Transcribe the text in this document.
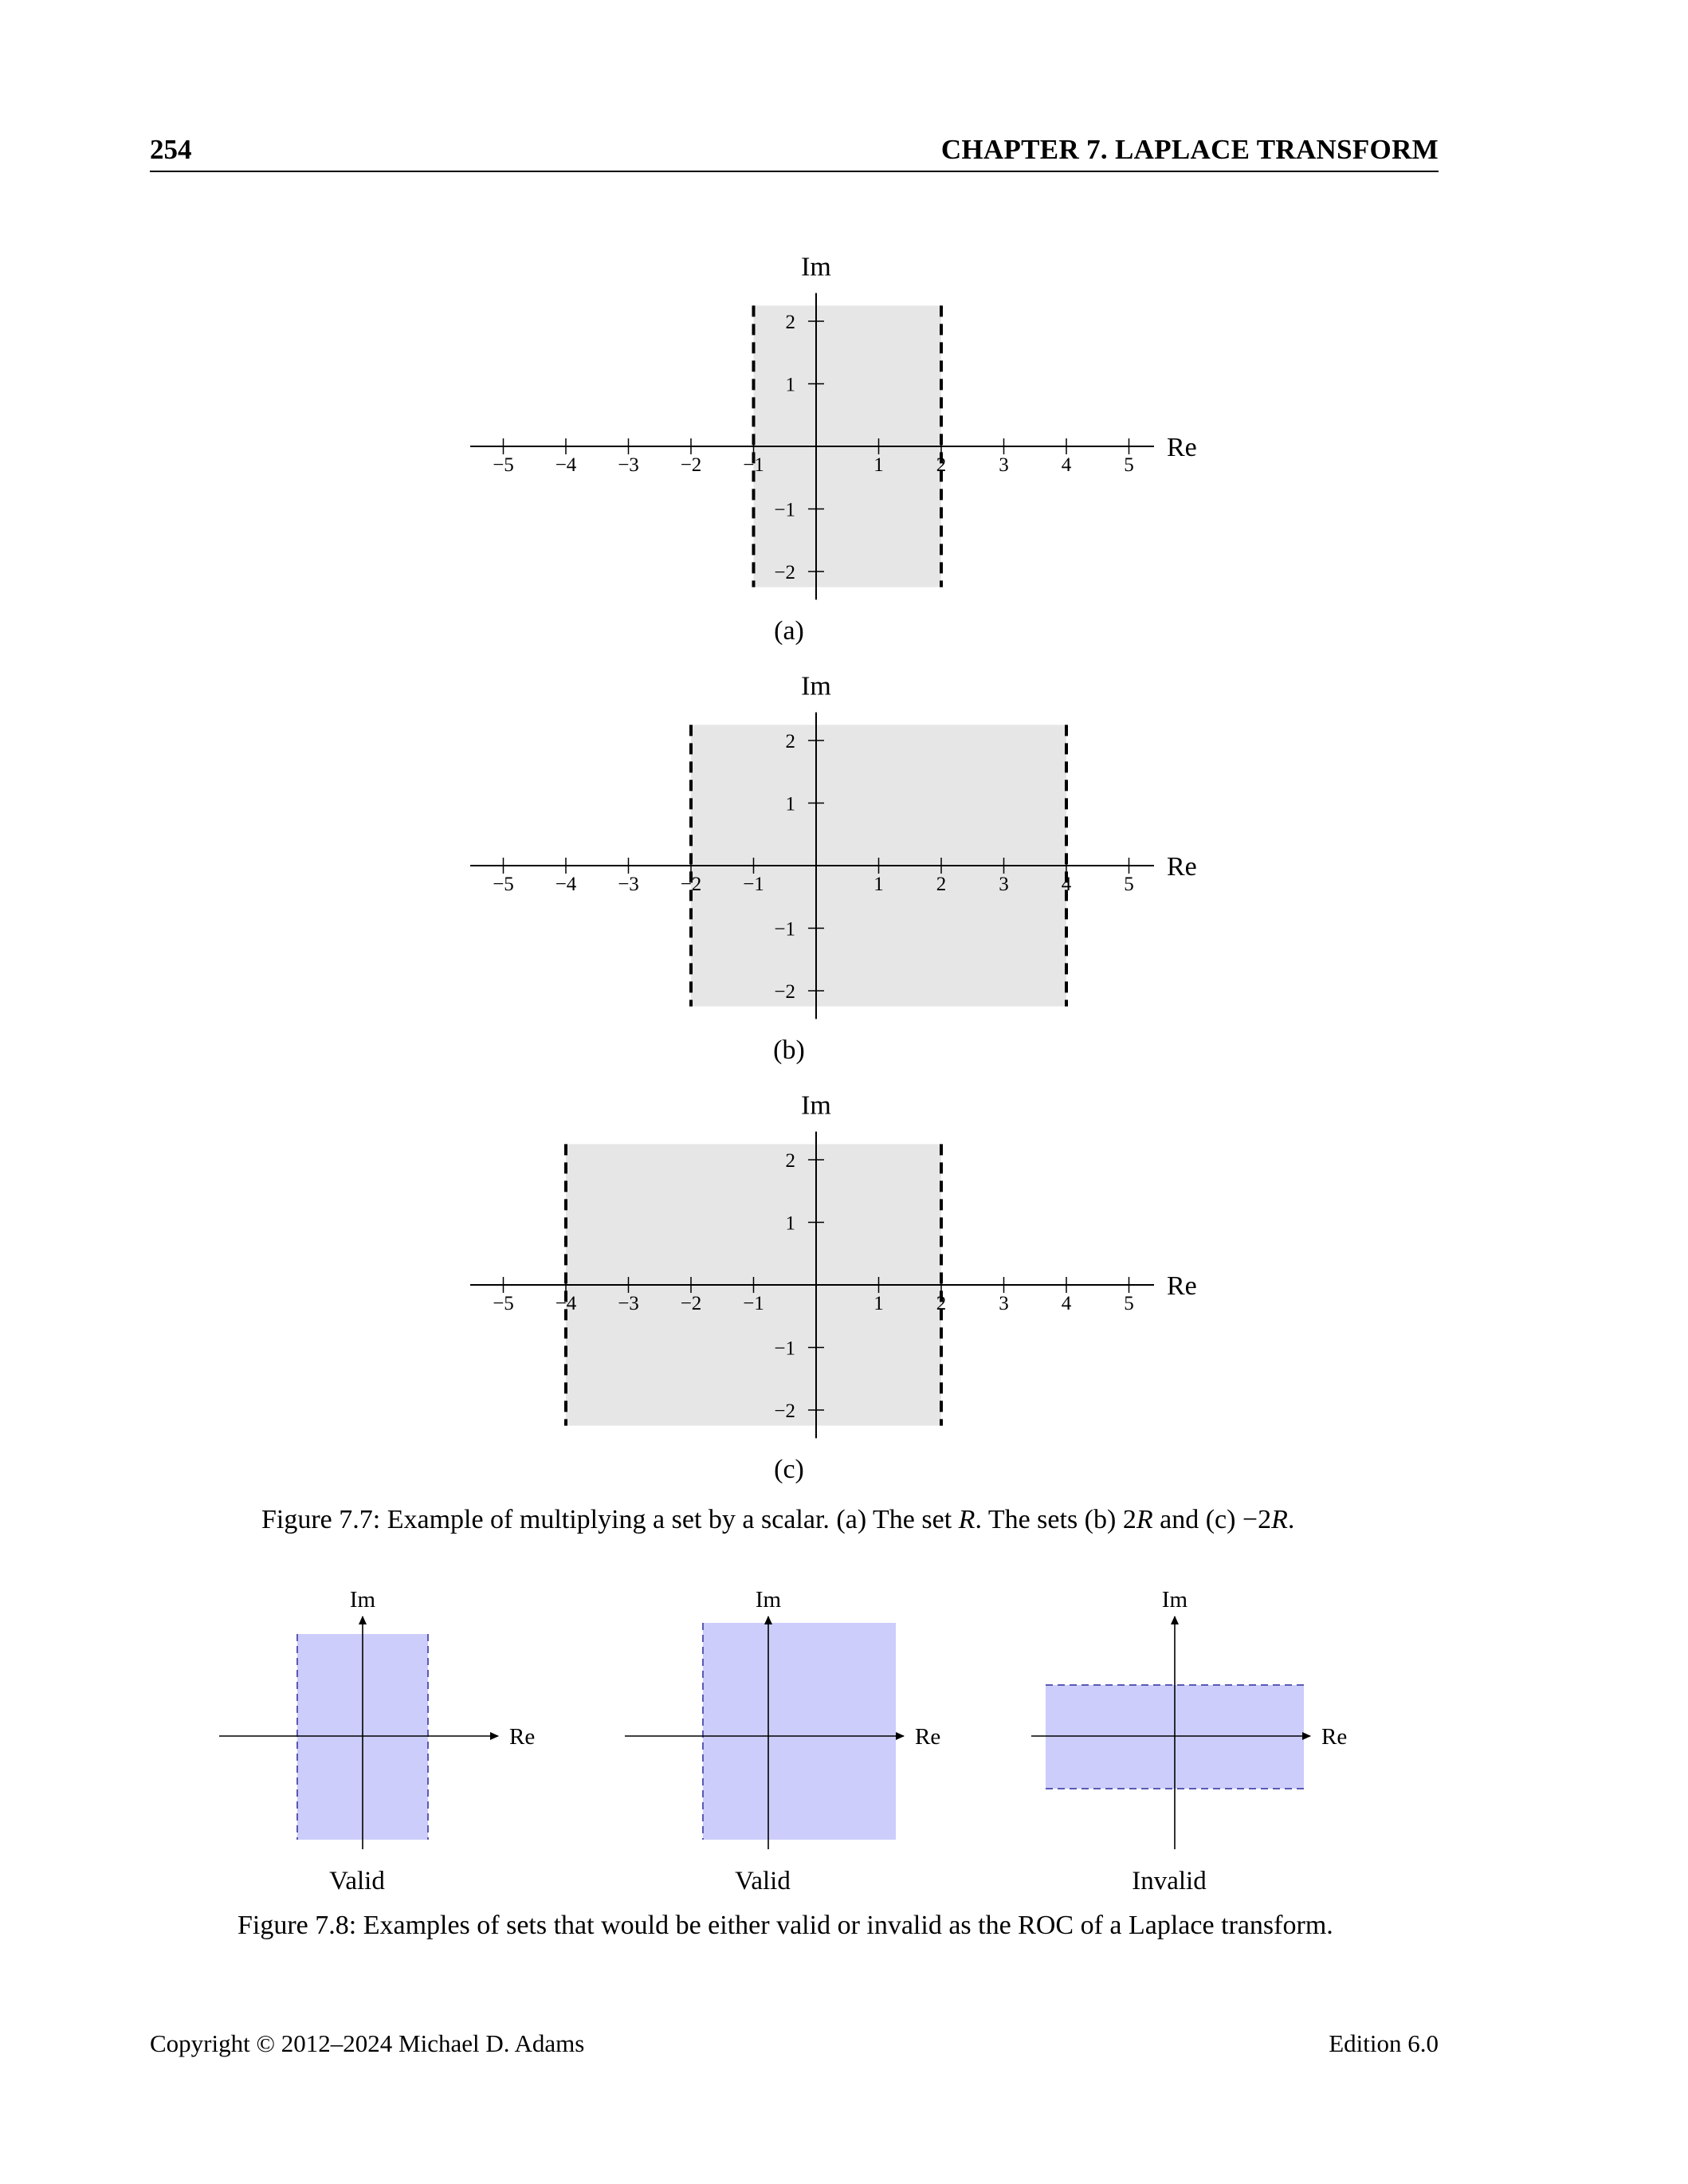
254	CHAPTER 7. LAPLACE TRANSFORM
−5 −4 −3 −2 −1	1	2	3	4	5
2
1
−1
−2
Re
Im
(a)
−5 −4 −3 −2 −1	1	2	3	4	5
2
1
−1
−2
Re
Im
(b)
−5 −4 −3 −2 −1	1	2	3	4	5
2
1
−1
−2
Re
Im
(c)
Figure 7.7: Example of multiplying a set by a scalar. (a) The set R. The sets (b) 2R and (c) −2R.
Re
Im
Valid
Re
Im
Valid
Re
Im
Invalid
Figure 7.8: Examples of sets that would be either valid or invalid as the ROC of a Laplace transform.
Copyright © 2012–2024 Michael D. Adams	Edition 6.0
